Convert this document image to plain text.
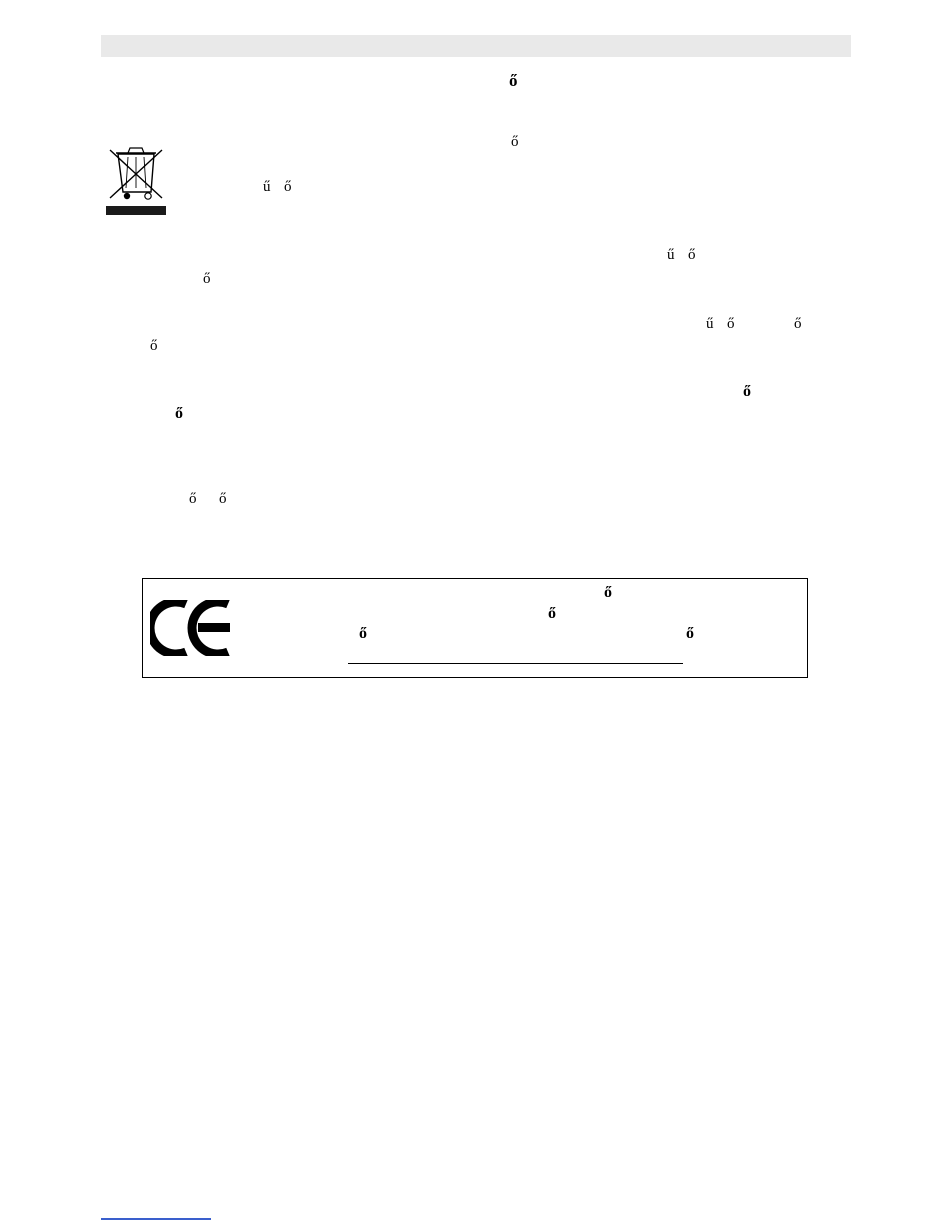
ő
ő
ű ő
ű ő
ő
ű ő	ő
ő
ő
ő
ő ő
ő
ő
ő	ő
